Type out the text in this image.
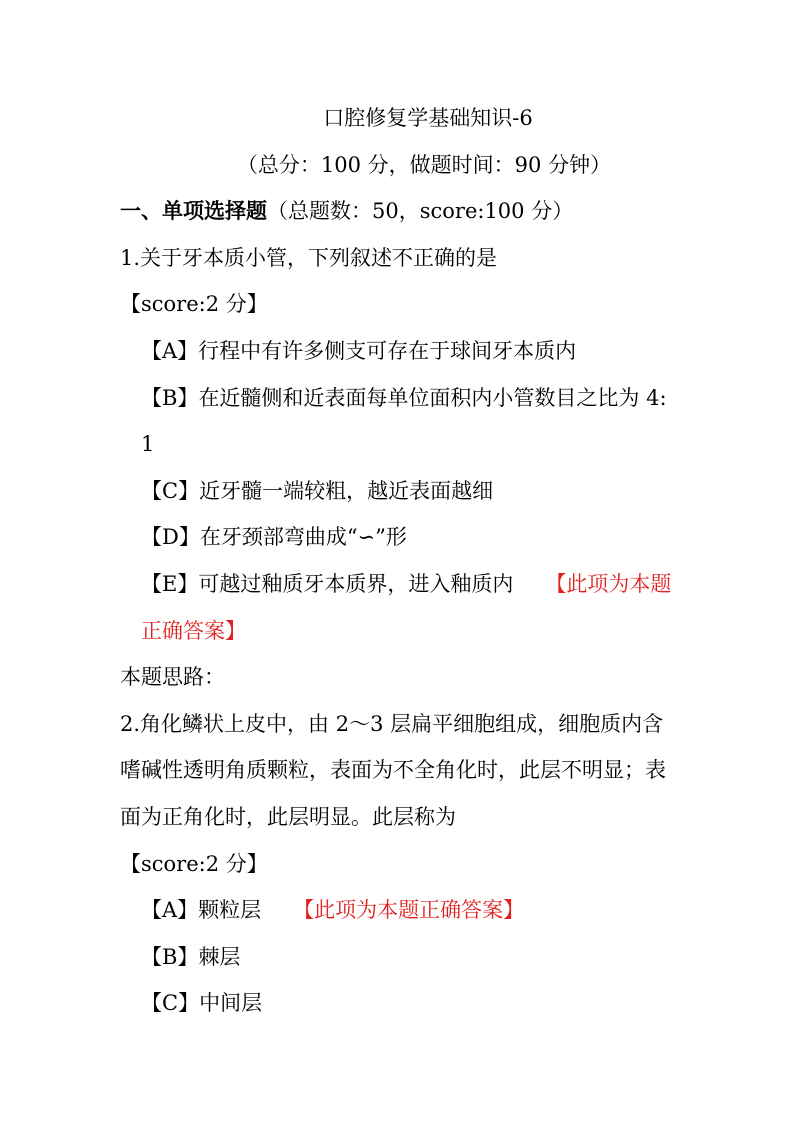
口腔修复学基础知识-6
（总分：100 分，做题时间：90 分钟）
一、单项选择题（总题数：50，score:100 分）
1.关于牙本质小管，下列叙述不正确的是
【score:2 分】
【A】行程中有许多侧支可存在于球间牙本质内
【B】在近髓侧和近表面每单位面积内小管数目之比为 4:1
【C】近牙髓一端较粗，越近表面越细
【D】在牙颈部弯曲成“∽”形
【E】可越过釉质牙本质界，进入釉质内 【此项为本题正确答案】
本题思路：
2.角化鳞状上皮中，由 2～3 层扁平细胞组成，细胞质内含嗜碱性透明角质颗粒，表面为不全角化时，此层不明显；表面为正角化时，此层明显。此层称为
【score:2 分】
【A】颗粒层 【此项为本题正确答案】
【B】棘层
【C】中间层
